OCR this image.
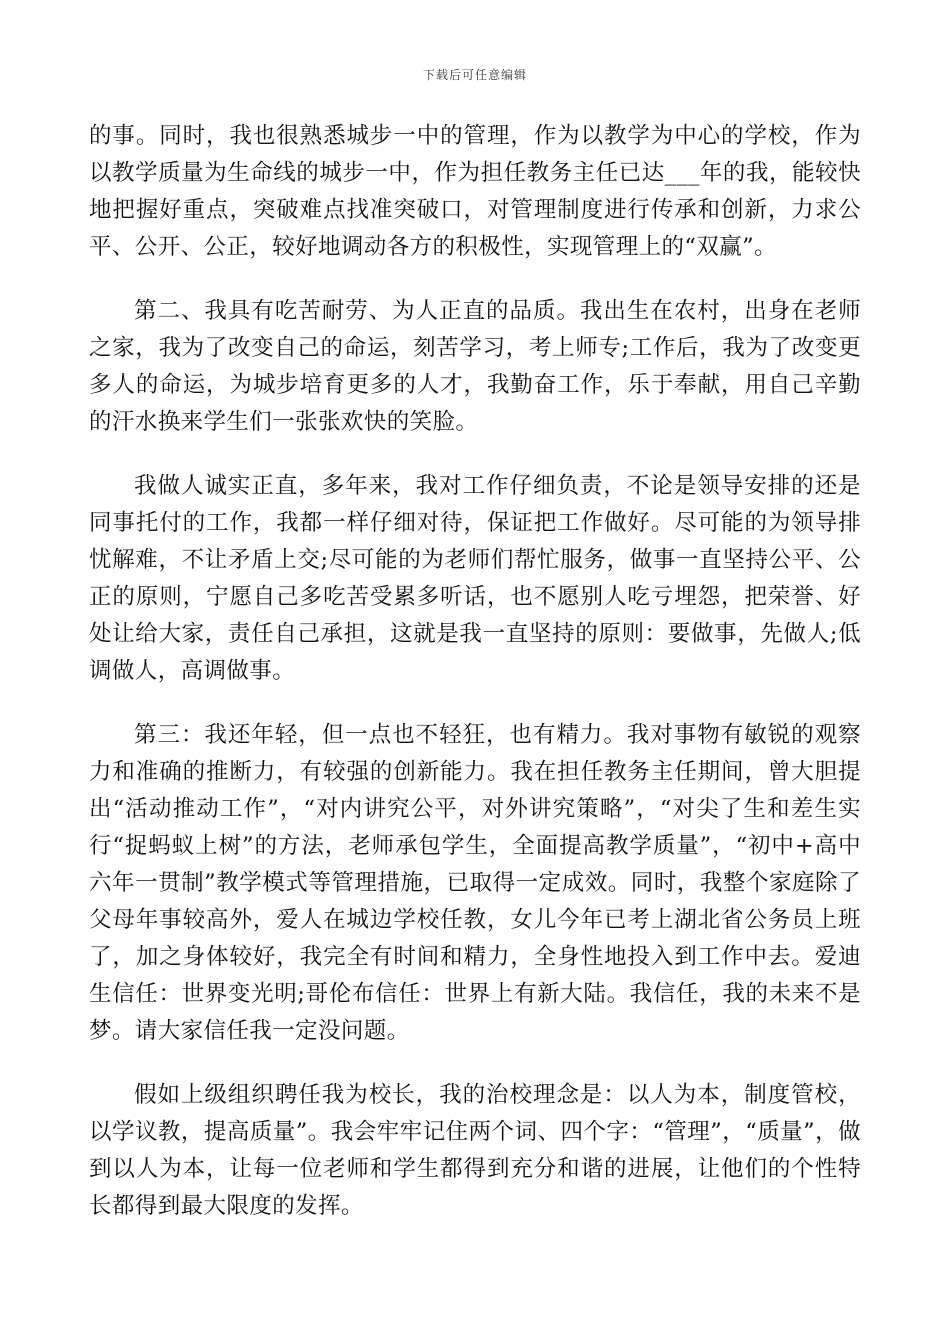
下载后可任意编辑

的事。同时，我也很熟悉城步一中的管理，作为以教学为中心的学校，作为以教学质量为生命线的城步一中，作为担任教务主任已达___年的我，能较快地把握好重点，突破难点找准突破口，对管理制度进行传承和创新，力求公平、公开、公正，较好地调动各方的积极性，实现管理上的“双赢”。

第二、我具有吃苦耐劳、为人正直的品质。我出生在农村，出身在老师之家，我为了改变自己的命运，刻苦学习，考上师专;工作后，我为了改变更多人的命运，为城步培育更多的人才，我勤奋工作，乐于奉献，用自己辛勤的汗水换来学生们一张张欢快的笑脸。

我做人诚实正直，多年来，我对工作仔细负责，不论是领导安排的还是同事托付的工作，我都一样仔细对待，保证把工作做好。尽可能的为领导排忧解难，不让矛盾上交;尽可能的为老师们帮忙服务，做事一直坚持公平、公正的原则，宁愿自己多吃苦受累多听话，也不愿别人吃亏埋怨，把荣誉、好处让给大家，责任自己承担，这就是我一直坚持的原则：要做事，先做人;低调做人，高调做事。

第三：我还年轻，但一点也不轻狂，也有精力。我对事物有敏锐的观察力和准确的推断力，有较强的创新能力。我在担任教务主任期间，曾大胆提出“活动推动工作”，“对内讲究公平，对外讲究策略”，“对尖了生和差生实行“捉蚂蚁上树”的方法，老师承包学生，全面提高教学质量”，“初中+高中六年一贯制”教学模式等管理措施，已取得一定成效。同时，我整个家庭除了父母年事较高外，爱人在城边学校任教，女儿今年已考上湖北省公务员上班了，加之身体较好，我完全有时间和精力，全身性地投入到工作中去。爱迪生信任：世界变光明;哥伦布信任：世界上有新大陆。我信任，我的未来不是梦。请大家信任我一定没问题。

假如上级组织聘任我为校长，我的治校理念是：以人为本，制度管校，以学议教，提高质量”。我会牢牢记住两个词、四个字：“管理”，“质量”，做到以人为本，让每一位老师和学生都得到充分和谐的进展，让他们的个性特长都得到最大限度的发挥。
